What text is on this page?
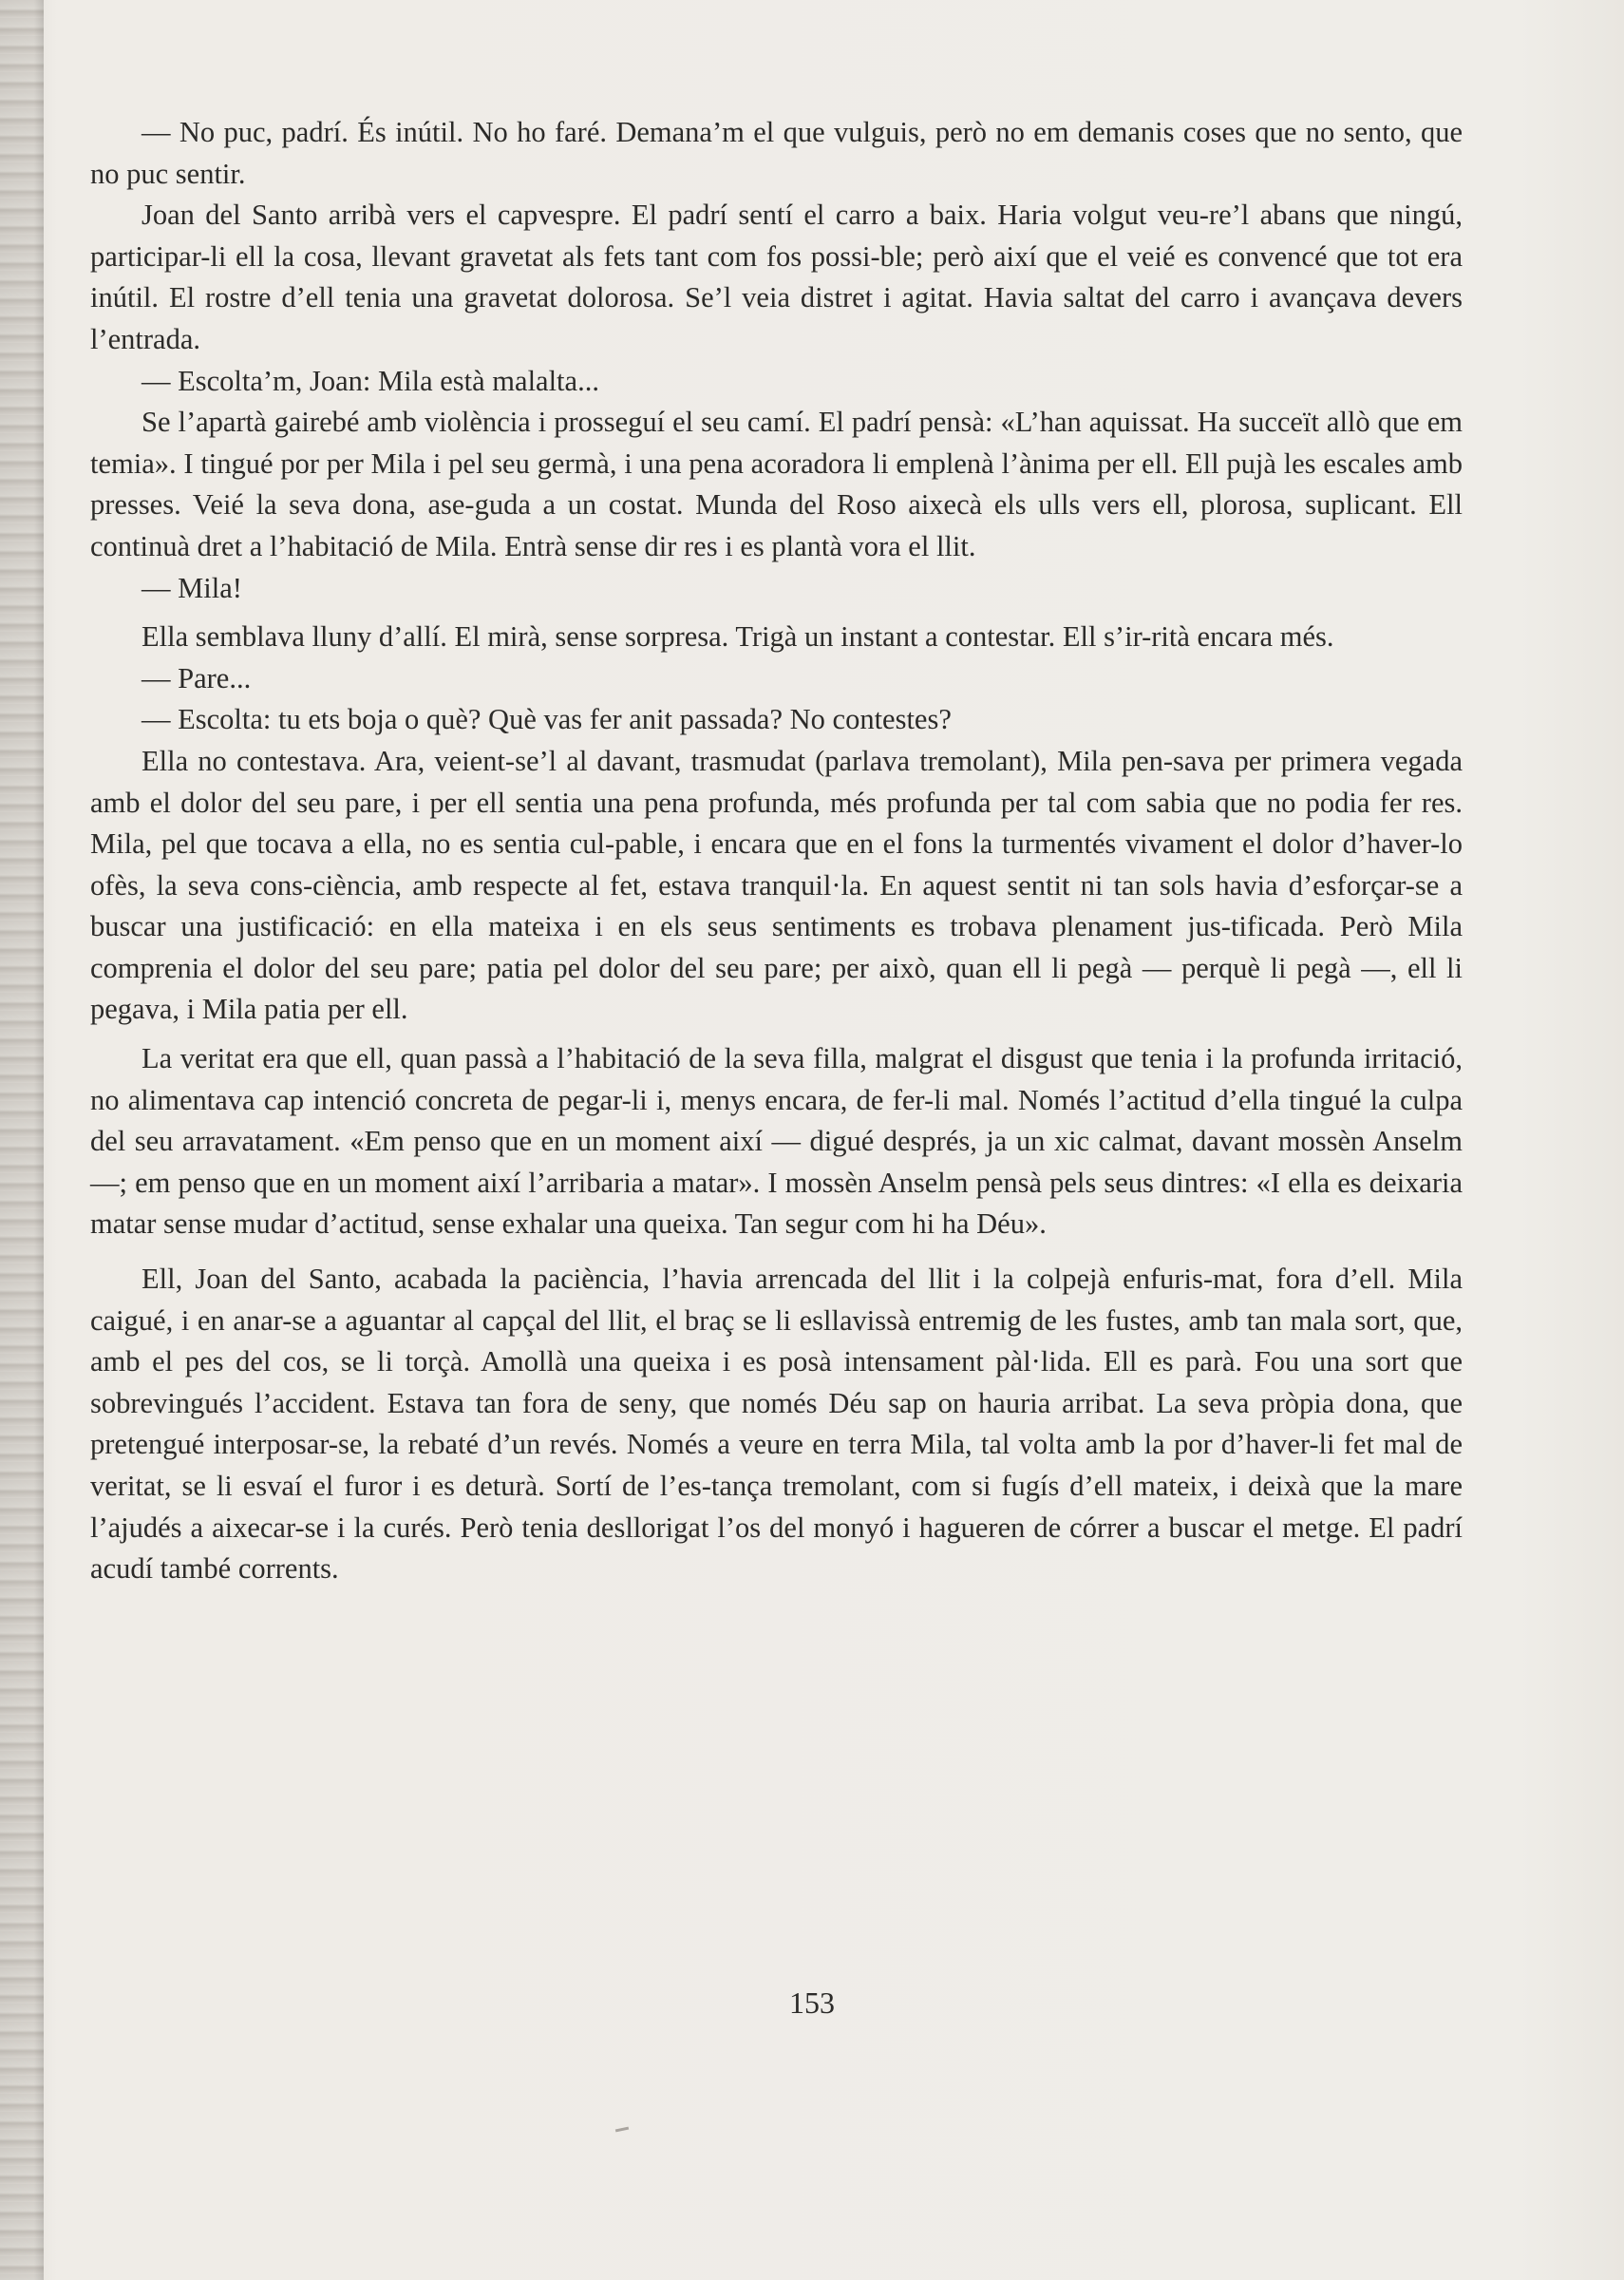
— No puc, padrí. És inútil. No ho faré. Demana’m el que vulguis, però no em demanis coses que no sento, que no puc sentir.

Joan del Santo arribà vers el capvespre. El padrí sentí el carro a baix. Haria volgut veu-re’l abans que ningú, participar-li ell la cosa, llevant gravetat als fets tant com fos possi-ble; però així que el veié es convencé que tot era inútil. El rostre d’ell tenia una gravetat dolorosa. Se’l veia distret i agitat. Havia saltat del carro i avançava devers l’entrada.

— Escolta’m, Joan: Mila està malalta...

Se l’apartà gairebé amb violència i prosseguí el seu camí. El padrí pensà: «L’han aquissat. Ha succeït allò que em temia». I tingué por per Mila i pel seu germà, i una pena acoradora li emplenà l’ànima per ell. Ell pujà les escales amb presses. Veié la seva dona, ase-guda a un costat. Munda del Roso aixecà els ulls vers ell, plorosa, suplicant. Ell continuà dret a l’habitació de Mila. Entrà sense dir res i es plantà vora el llit.

— Mila!

Ella semblava lluny d’allí. El mirà, sense sorpresa. Trigà un instant a contestar. Ell s’ir-rità encara més.

— Pare...

— Escolta: tu ets boja o què? Què vas fer anit passada? No contestes?

Ella no contestava. Ara, veient-se’l al davant, trasmudat (parlava tremolant), Mila pen-sava per primera vegada amb el dolor del seu pare, i per ell sentia una pena profunda, més profunda per tal com sabia que no podia fer res. Mila, pel que tocava a ella, no es sentia cul-pable, i encara que en el fons la turmentés vivament el dolor d’haver-lo ofès, la seva cons-ciència, amb respecte al fet, estava tranquil·la. En aquest sentit ni tan sols havia d’esforçar-se a buscar una justificació: en ella mateixa i en els seus sentiments es trobava plenament jus-tificada. Però Mila comprenia el dolor del seu pare; patia pel dolor del seu pare; per això, quan ell li pegà — perquè li pegà —, ell li pegava, i Mila patia per ell.

La veritat era que ell, quan passà a l’habitació de la seva filla, malgrat el disgust que tenia i la profunda irritació, no alimentava cap intenció concreta de pegar-li i, menys encara, de fer-li mal. Només l’actitud d’ella tingué la culpa del seu arravatament. «Em penso que en un moment així — digué després, ja un xic calmat, davant mossèn Anselm —; em penso que en un moment així l’arribaria a matar». I mossèn Anselm pensà pels seus dintres: «I ella es deixaria matar sense mudar d’actitud, sense exhalar una queixa. Tan segur com hi ha Déu».

Ell, Joan del Santo, acabada la paciència, l’havia arrencada del llit i la colpejà enfuris-mat, fora d’ell. Mila caigué, i en anar-se a aguantar al capçal del llit, el braç se li esllavissà entremig de les fustes, amb tan mala sort, que, amb el pes del cos, se li torçà. Amollà una queixa i es posà intensament pàl·lida. Ell es parà. Fou una sort que sobrevingués l’accident. Estava tan fora de seny, que només Déu sap on hauria arribat. La seva pròpia dona, que pretengué interposar-se, la rebaté d’un revés. Només a veure en terra Mila, tal volta amb la por d’haver-li fet mal de veritat, se li esvaí el furor i es deturà. Sortí de l’es-tança tremolant, com si fugís d’ell mateix, i deixà que la mare l’ajudés a aixecar-se i la curés. Però tenia desllorigat l’os del monyó i hagueren de córrer a buscar el metge. El padrí acudí també corrents.

153
